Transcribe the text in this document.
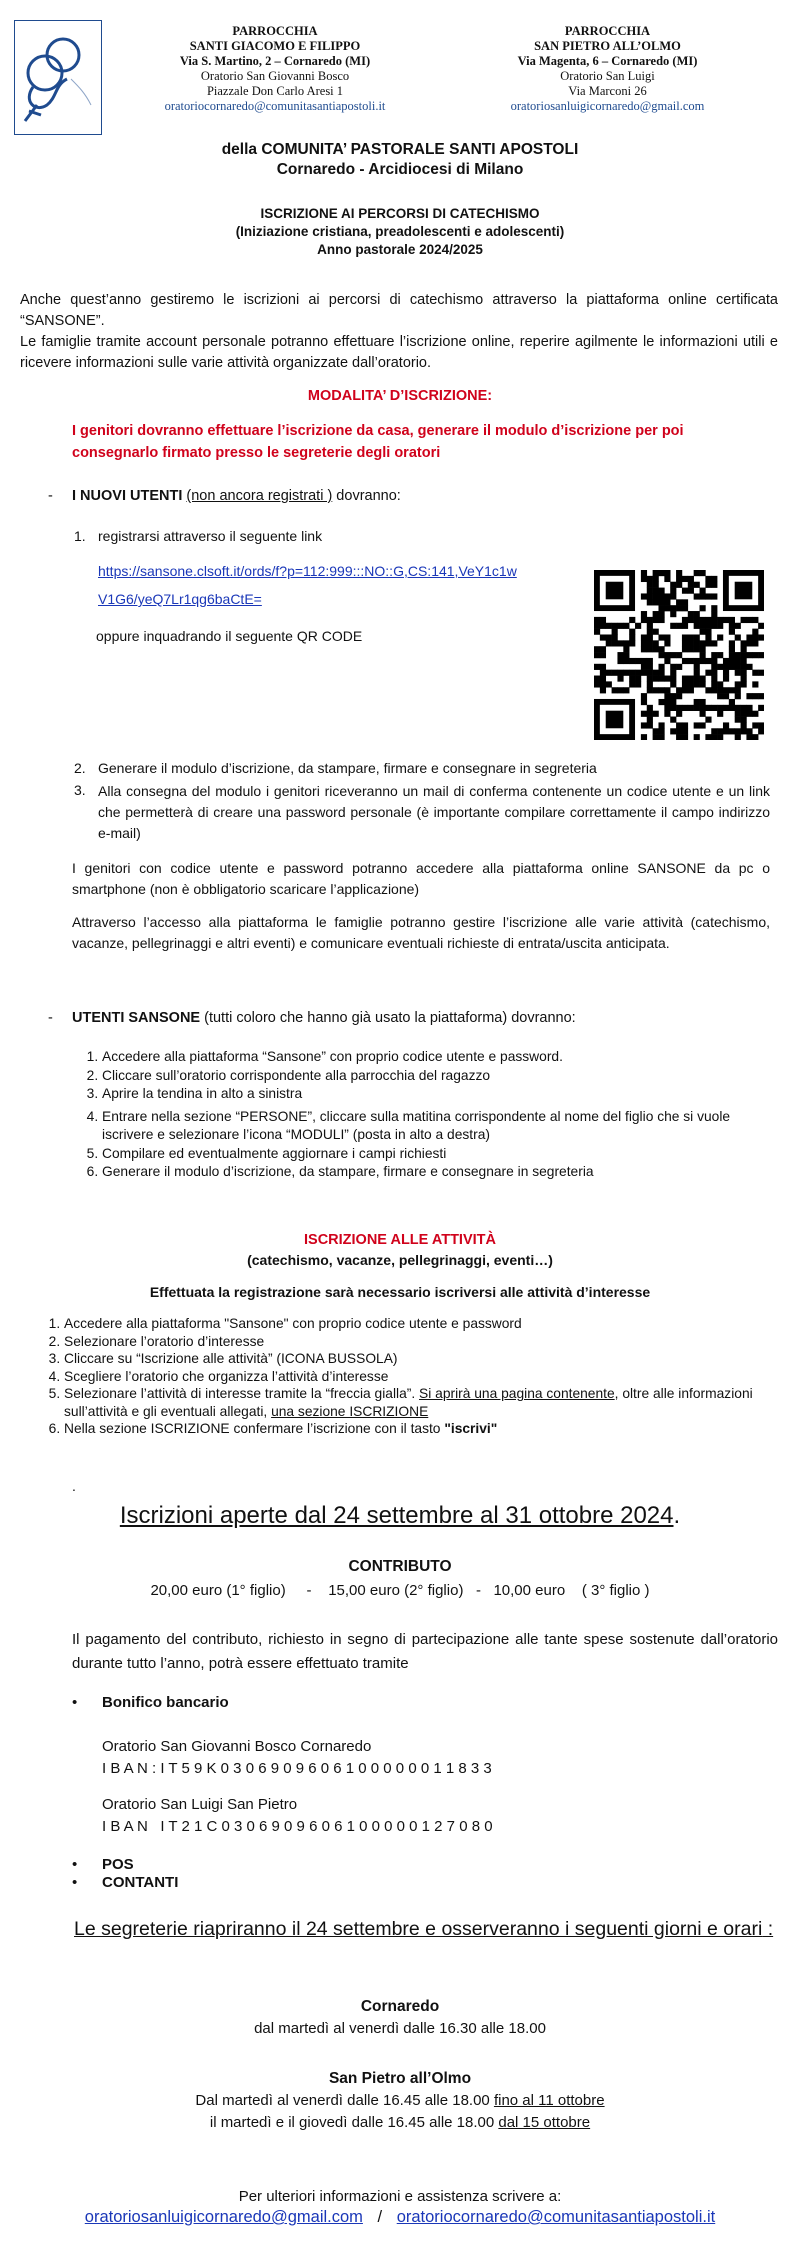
PARROCCHIA
SANTI GIACOMO E FILIPPO
Via S. Martino, 2 – Cornaredo (MI)
Oratorio San Giovanni Bosco
Piazzale Don Carlo Aresi 1
oratoriocornaredo@comunitasantiapostoli.it
PARROCCHIA
SAN PIETRO ALL’OLMO
Via Magenta, 6 – Cornaredo (MI)
Oratorio San Luigi
Via Marconi 26
oratoriosanluigicornaredo@gmail.com
della COMUNITA’ PASTORALE SANTI APOSTOLI
Cornaredo - Arcidiocesi di Milano
ISCRIZIONE AI PERCORSI DI CATECHISMO
(Iniziazione cristiana, preadolescenti e adolescenti)
Anno pastorale 2024/2025
Anche quest’anno gestiremo le iscrizioni ai percorsi di catechismo attraverso la piattaforma online certificata “SANSONE”.
Le famiglie tramite account personale potranno effettuare l’iscrizione online, reperire agilmente le informazioni utili e ricevere informazioni sulle varie attività organizzate dall’oratorio.
MODALITA’ D’ISCRIZIONE:
I genitori dovranno effettuare l’iscrizione da casa, generare il modulo d’iscrizione per poi consegnarlo firmato presso le segreterie degli oratori
- I NUOVI UTENTI (non ancora registrati ) dovranno:
1. registrarsi attraverso il seguente link
https://sansone.clsoft.it/ords/f?p=112:999:::NO::G,CS:141,VeY1c1w
V1G6/yeQ7Lr1qg6baCtE=
oppure inquadrando il seguente QR CODE
2. Generare il modulo d’iscrizione, da stampare, firmare e consegnare in segreteria
3. Alla consegna del modulo i genitori riceveranno un mail di conferma contenente un codice utente e un link che permetterà di creare una password personale (è importante compilare correttamente il campo indirizzo e-mail)
I genitori con codice utente e password potranno accedere alla piattaforma online SANSONE da pc o smartphone (non è obbligatorio scaricare l’applicazione)
Attraverso l’accesso alla piattaforma le famiglie potranno gestire l’iscrizione alle varie attività (catechismo, vacanze, pellegrinaggi e altri eventi) e comunicare eventuali richieste di entrata/uscita anticipata.
- UTENTI SANSONE (tutti coloro che hanno già usato la piattaforma) dovranno:
1. Accedere alla piattaforma “Sansone” con proprio codice utente e password.
2. Cliccare sull’oratorio corrispondente alla parrocchia del ragazzo
3. Aprire la tendina in alto a sinistra
4. Entrare nella sezione “PERSONE”, cliccare sulla matitina corrispondente al nome del figlio che si vuole iscrivere e selezionare l’icona “MODULI” (posta in alto a destra)
5. Compilare ed eventualmente aggiornare i campi richiesti
6. Generare il modulo d’iscrizione, da stampare, firmare e consegnare in segreteria
ISCRIZIONE ALLE ATTIVITÀ
(catechismo, vacanze, pellegrinaggi, eventi…)
Effettuata la registrazione sarà necessario iscriversi alle attività d’interesse
1. Accedere alla piattaforma "Sansone" con proprio codice utente e password
2. Selezionare l’oratorio d’interesse
3. Cliccare su “Iscrizione alle attività” (ICONA BUSSOLA)
4. Scegliere l’oratorio che organizza l’attività d’interesse
5. Selezionare l’attività di interesse tramite la “freccia gialla”. Si aprirà una pagina contenente, oltre alle informazioni sull’attività e gli eventuali allegati, una sezione ISCRIZIONE
6. Nella sezione ISCRIZIONE confermare l’iscrizione con il tasto "iscrivi"
.
Iscrizioni aperte dal 24 settembre al 31 ottobre 2024.
CONTRIBUTO
20,00 euro (1° figlio)     -    15,00 euro (2° figlio)   -   10,00 euro    ( 3° figlio )
Il pagamento del contributo, richiesto in segno di partecipazione alle tante spese sostenute dall’oratorio durante tutto l’anno, potrà essere effettuato tramite
• Bonifico bancario
Oratorio San Giovanni Bosco Cornaredo
I B A N : I T 5 9 K 0 3 0 6 9 0 9 6 0 6 1 0 0 0 0 0 0 1 1 8 3 3
Oratorio San Luigi San Pietro
I B A N   I T 2 1 C 0 3 0 6 9 0 9 6 0 6 1 0 0 0 0 0 1 2 7 0 8 0
• POS
• CONTANTI
Le segreterie riapriranno il 24 settembre e osserveranno i seguenti giorni e orari :
Cornaredo
dal martedì al venerdì dalle 16.30 alle 18.00
San Pietro all’Olmo
Dal martedì al venerdì dalle 16.45 alle 18.00 fino al 11 ottobre
il martedì e il giovedì dalle 16.45 alle 18.00 dal 15 ottobre
Per ulteriori informazioni e assistenza scrivere a:
oratoriosanluigicornaredo@gmail.com / oratoriocornaredo@comunitasantiapostoli.it
